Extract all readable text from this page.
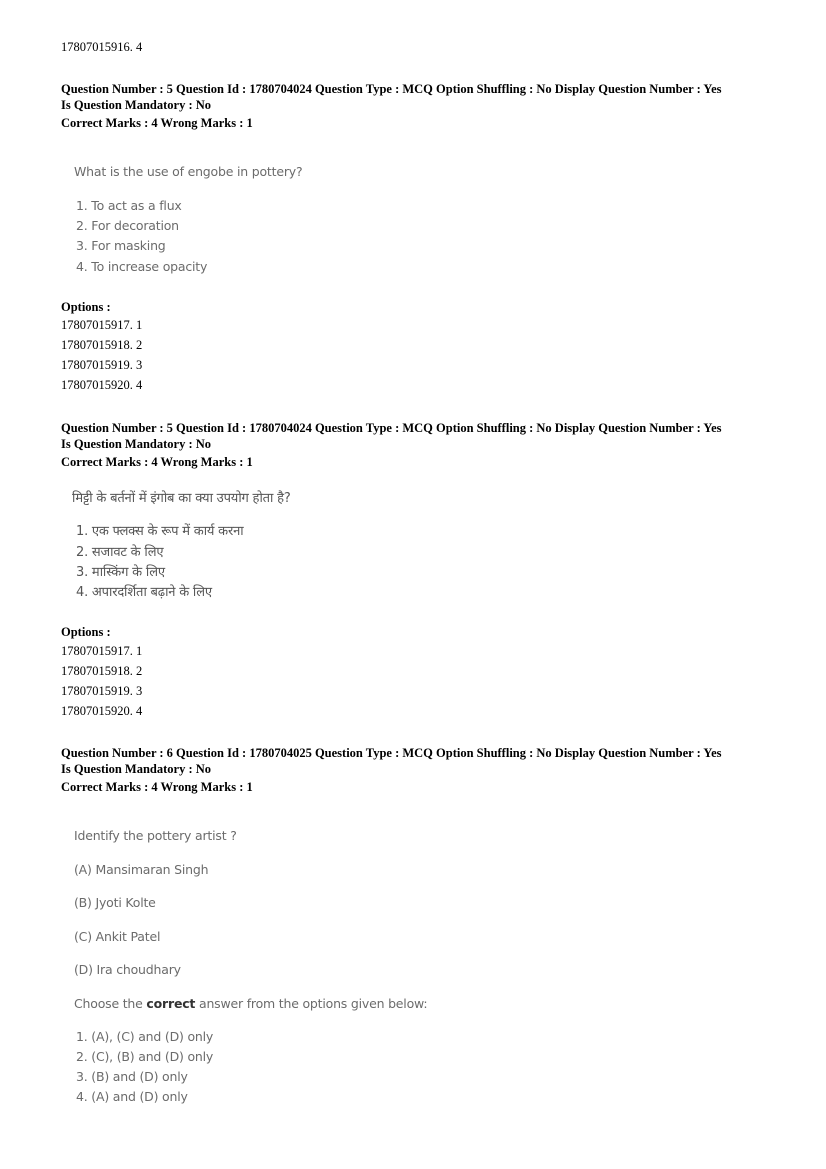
17807015916. 4
Question Number : 5 Question Id : 1780704024 Question Type : MCQ Option Shuffling : No Display Question Number : Yes
Is Question Mandatory : No
Correct Marks : 4 Wrong Marks : 1
What is the use of engobe in pottery?
1. To act as a flux
2. For decoration
3. For masking
4. To increase opacity
Options :
17807015917. 1
17807015918. 2
17807015919. 3
17807015920. 4
Question Number : 5 Question Id : 1780704024 Question Type : MCQ Option Shuffling : No Display Question Number : Yes
Is Question Mandatory : No
Correct Marks : 4 Wrong Marks : 1
मिट्टी के बर्तनों में इंगोब का क्या उपयोग होता है?
1. एक फ्लक्स के रूप में कार्य करना
2. सजावट के लिए
3. मास्किंग के लिए
4. अपारदर्शिता बढ़ाने के लिए
Options :
17807015917. 1
17807015918. 2
17807015919. 3
17807015920. 4
Question Number : 6 Question Id : 1780704025 Question Type : MCQ Option Shuffling : No Display Question Number : Yes
Is Question Mandatory : No
Correct Marks : 4 Wrong Marks : 1
Identify the pottery artist ?
(A) Mansimaran Singh
(B) Jyoti Kolte
(C) Ankit Patel
(D) Ira choudhary
Choose the correct answer from the options given below:
1. (A), (C) and (D) only
2. (C), (B) and (D) only
3. (B) and (D) only
4. (A) and (D) only
